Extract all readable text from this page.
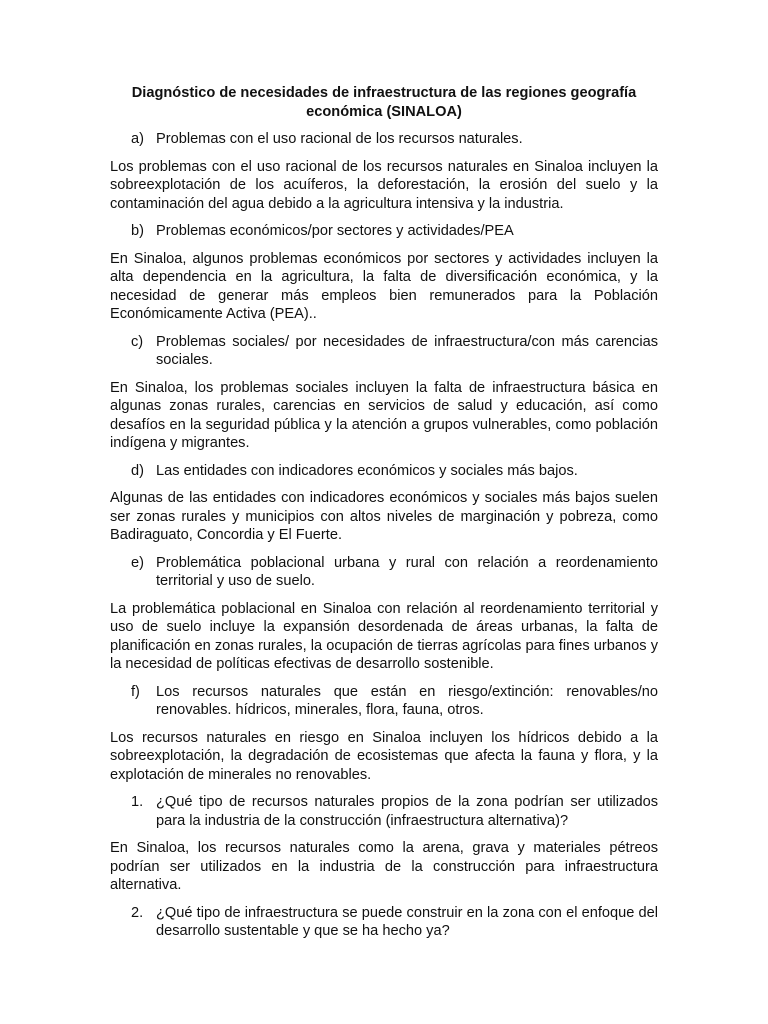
Diagnóstico de necesidades de infraestructura de las regiones geografía económica (SINALOA)
a) Problemas con el uso racional de los recursos naturales.

Los problemas con el uso racional de los recursos naturales en Sinaloa incluyen la sobreexplotación de los acuíferos, la deforestación, la erosión del suelo y la contaminación del agua debido a la agricultura intensiva y la industria.

b) Problemas económicos/por sectores y actividades/PEA

En Sinaloa, algunos problemas económicos por sectores y actividades incluyen la alta dependencia en la agricultura, la falta de diversificación económica, y la necesidad de generar más empleos bien remunerados para la Población Económicamente Activa (PEA)..

c) Problemas sociales/ por necesidades de infraestructura/con más carencias sociales.

En Sinaloa, los problemas sociales incluyen la falta de infraestructura básica en algunas zonas rurales, carencias en servicios de salud y educación, así como desafíos en la seguridad pública y la atención a grupos vulnerables, como población indígena y migrantes.

d) Las entidades con indicadores económicos y sociales más bajos.

Algunas de las entidades con indicadores económicos y sociales más bajos suelen ser zonas rurales y municipios con altos niveles de marginación y pobreza, como Badiraguato, Concordia y El Fuerte.

e) Problemática poblacional urbana y rural con relación a reordenamiento territorial y uso de suelo.

La problemática poblacional en Sinaloa con relación al reordenamiento territorial y uso de suelo incluye la expansión desordenada de áreas urbanas, la falta de planificación en zonas rurales, la ocupación de tierras agrícolas para fines urbanos y la necesidad de políticas efectivas de desarrollo sostenible.

f)	Los recursos naturales que están en riesgo/extinción: renovables/no renovables. hídricos, minerales, flora, fauna, otros.

Los recursos naturales en riesgo en Sinaloa incluyen los hídricos debido a la sobreexplotación, la degradación de ecosistemas que afecta la fauna y flora, y la explotación de minerales no renovables.

1. ¿Qué tipo de recursos naturales propios de la zona podrían ser utilizados para la industria de la construcción (infraestructura alternativa)?

En Sinaloa, los recursos naturales como la arena, grava y materiales pétreos podrían ser utilizados en la industria de la construcción para infraestructura alternativa.

2. ¿Qué tipo de infraestructura se puede construir en la zona con el enfoque del desarrollo sustentable y que se ha hecho ya?
